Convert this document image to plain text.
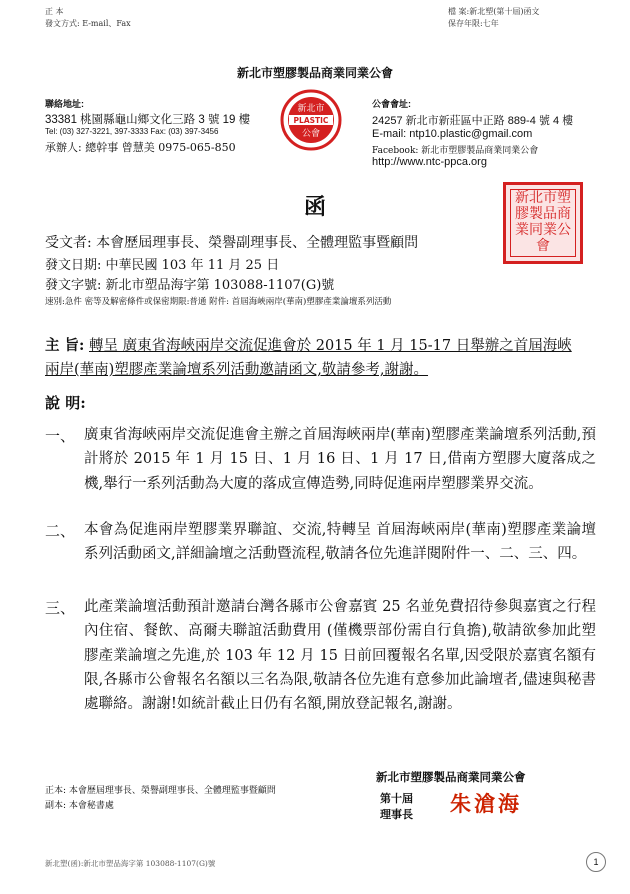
正 本
發文方式: E-mail、Fax
檔 案:新北塑(第十屆)函文
保存年限:七年
新北市塑膠製品商業同業公會
聯絡地址:
33381 桃園縣龜山鄉文化三路 3 號 19 樓
Tel: (03) 327-3221, 397-3333 Fax: (03) 397-3456
承辦人: 總幹事 曾慧美 0975-065-850
新北市
PLASTIC
公會
公會會址:
24257 新北市新莊區中正路 889-4 號 4 樓
E-mail: ntp10.plastic@gmail.com
Facebook: 新北市塑膠製品商業同業公會
http://www.ntc-ppca.org
函	新北市塑
膠製品商
業同業公
會
受文者: 本會歷屆理事長、榮譽副理事長、全體理監事暨顧問
發文日期: 中華民國 103 年 11 月 25 日
發文字號: 新北市塑品海字第 103088-1107(G)號
速別:急件 密等及解密條件或保密期限:普通 附件: 首屆海峽兩岸(華南)塑膠產業論壇系列活動
主 旨: 轉呈 廣東省海峽兩岸交流促進會於 2015 年 1 月 15-17 日舉辦之首屆海峽兩岸(華南)塑膠產業論壇系列活動邀請函文,敬請參考,謝謝。
說 明:
一、 廣東省海峽兩岸交流促進會主辦之首屆海峽兩岸(華南)塑膠產業論壇系列活動,預計將於 2015 年 1 月 15 日、1 月 16 日、1 月 17 日,借南方塑膠大廈落成之機,舉行一系列活動為大廈的落成宣傳造勢,同時促進兩岸塑膠業界交流。
二、 本會為促進兩岸塑膠業界聯誼、交流,特轉呈 首屆海峽兩岸(華南)塑膠產業論壇系列活動函文,詳細論壇之活動暨流程,敬請各位先進詳閱附件一、二、三、四。
三、 此產業論壇活動預計邀請台灣各縣市公會嘉賓 25 名並免費招待參與嘉賓之行程內住宿、餐飲、高爾夫聯誼活動費用 (僅機票部份需自行負擔),敬請欲參加此塑膠產業論壇之先進,於 103 年 12 月 15 日前回覆報名名單,因受限於嘉賓名額有限,各縣市公會報名名額以三名為限,敬請各位先進有意參加此論壇者,儘速與秘書處聯絡。謝謝!如統計截止日仍有名額,開放登記報名,謝謝。
新北市塑膠製品商業同業公會
第十屆
理事長 朱滄海
正本: 本會歷屆理事長、榮譽副理事長、全體理監事暨顧問
副本: 本會秘書處
新北塑(函):新北市塑品海字第 103088-1107(G)號	1
